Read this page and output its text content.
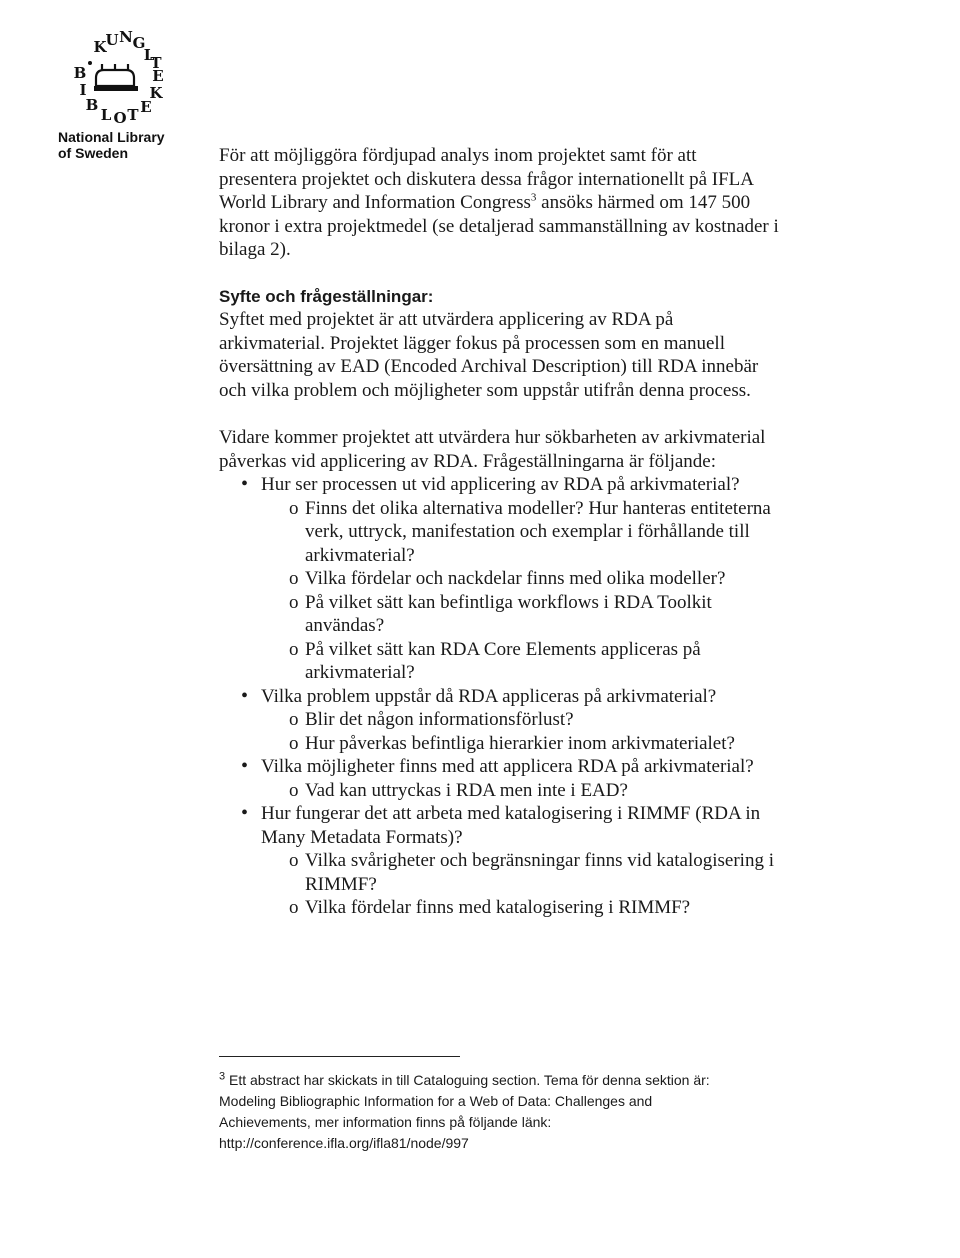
U N G
K L
B
I
B
L O T E
K
E
T
National Library
of Sweden	För att möjliggöra fördjupad analys inom projektet samt för att presentera projektet och diskutera dessa frågor internationellt på IFLA World Library and Information Congress$^3$ ansöks härmed om 147 500 kronor i extra projektmedel (se detaljerad sammanställning av kostnader i bilaga 2).

Syfte och frågeställningar:

Syftet med projektet är att utvärdera applicering av RDA på arkivmaterial. Projektet lägger fokus på processen som en manuell översättning av EAD (Encoded Archival Description) till RDA innebär och vilka problem och möjligheter som uppstår utifrån denna process.

Vidare kommer projektet att utvärdera hur sökbarheten av arkivmaterial påverkas vid applicering av RDA. Frågeställningarna är följande:

• Hur ser processen ut vid applicering av RDA på arkivmaterial?
o Finns det olika alternativa modeller? Hur hanteras entiteterna verk, uttryck, manifestation och exemplar i förhållande till arkivmaterial?
o Vilka fördelar och nackdelar finns med olika modeller?
o På vilket sätt kan befintliga workflows i RDA Toolkit användas?
o På vilket sätt kan RDA Core Elements appliceras på arkivmaterial?
• Vilka problem uppstår då RDA appliceras på arkivmaterial?
o Blir det någon informationsförlust?
o Hur påverkas befintliga hierarkier inom arkivmaterialet?
• Vilka möjligheter finns med att applicera RDA på arkivmaterial?
o Vad kan uttryckas i RDA men inte i EAD?
• Hur fungerar det att arbeta med katalogisering i RIMMF (RDA in Many Metadata Formats)?
o Vilka svårigheter och begränsningar finns vid katalogisering i RIMMF?
o Vilka fördelar finns med katalogisering i RIMMF?
$^3$ Ett abstract har skickats in till Cataloguing section. Tema för denna sektion är:
Modeling Bibliographic Information for a Web of Data: Challenges and
Achievements, mer information finns på följande länk:
http://conference.ifla.org/ifla81/node/997
